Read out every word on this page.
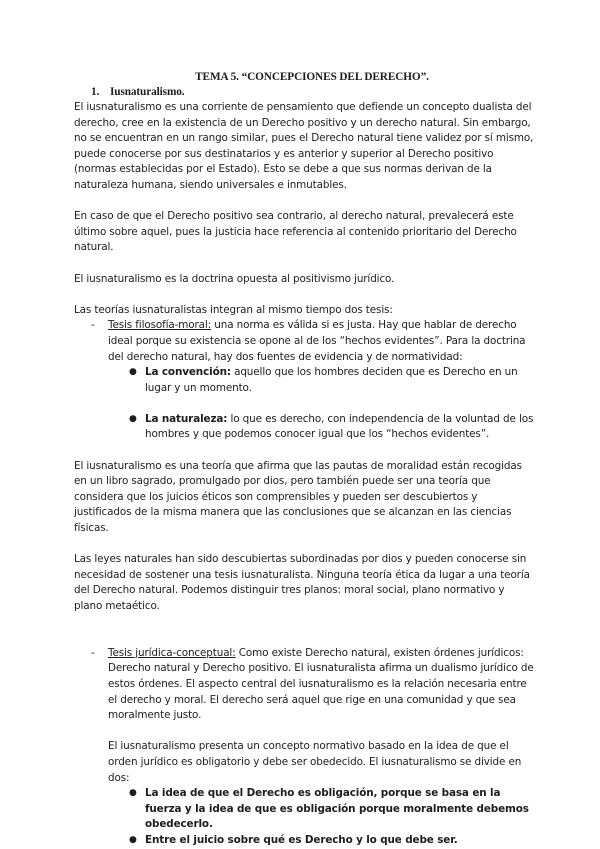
TEMA 5. “CONCEPCIONES DEL DERECHO”.
1. Iusnaturalismo.

El iusnaturalismo es una corriente de pensamiento que defiende un concepto dualista del derecho, cree en la existencia de un Derecho positivo y un derecho natural. Sin embargo, no se encuentran en un rango similar, pues el Derecho natural tiene validez por sí mismo, puede conocerse por sus destinatarios y es anterior y superior al Derecho positivo (normas establecidas por el Estado). Esto se debe a que sus normas derivan de la naturaleza humana, siendo universales e inmutables.

En caso de que el Derecho positivo sea contrario, al derecho natural, prevalecerá este último sobre aquel, pues la justicia hace referencia al contenido prioritario del Derecho natural.

El iusnaturalismo es la doctrina opuesta al positivismo jurídico.

Las teorías iusnaturalistas integran al mismo tiempo dos tesis:

- Tesis filosofía-moral: una norma es válida si es justa. Hay que hablar de derecho ideal porque su existencia se opone al de los “hechos evidentes”. Para la doctrina del derecho natural, hay dos fuentes de evidencia y de normatividad:
● La convención: aquello que los hombres deciden que es Derecho en un lugar y un momento.
● La naturaleza: lo que es derecho, con independencia de la voluntad de los hombres y que podemos conocer igual que los “hechos evidentes”.

El iusnaturalismo es una teoría que afirma que las pautas de moralidad están recogidas en un libro sagrado, promulgado por dios, pero también puede ser una teoría que considera que los juicios éticos son comprensibles y pueden ser descubiertos y justificados de la misma manera que las conclusiones que se alcanzan en las ciencias físicas.

Las leyes naturales han sido descubiertas subordinadas por dios y pueden conocerse sin necesidad de sostener una tesis iusnaturalista. Ninguna teoría ética da lugar a una teoría del Derecho natural. Podemos distinguir tres planos: moral social, plano normativo y plano metaético.

- Tesis jurídica-conceptual: Como existe Derecho natural, existen órdenes jurídicos: Derecho natural y Derecho positivo. El iusnaturalista afirma un dualismo jurídico de estos órdenes. El aspecto central del iusnaturalismo es la relación necesaria entre el derecho y moral. El derecho será aquel que rige en una comunidad y que sea moralmente justo.

El iusnaturalismo presenta un concepto normativo basado en la idea de que el orden jurídico es obligatorio y debe ser obedecido. El iusnaturalismo se divide en dos:

● La idea de que el Derecho es obligación, porque se basa en la fuerza y la idea de que es obligación porque moralmente debemos obedecerlo.
● Entre el juicio sobre qué es Derecho y lo que debe ser.
